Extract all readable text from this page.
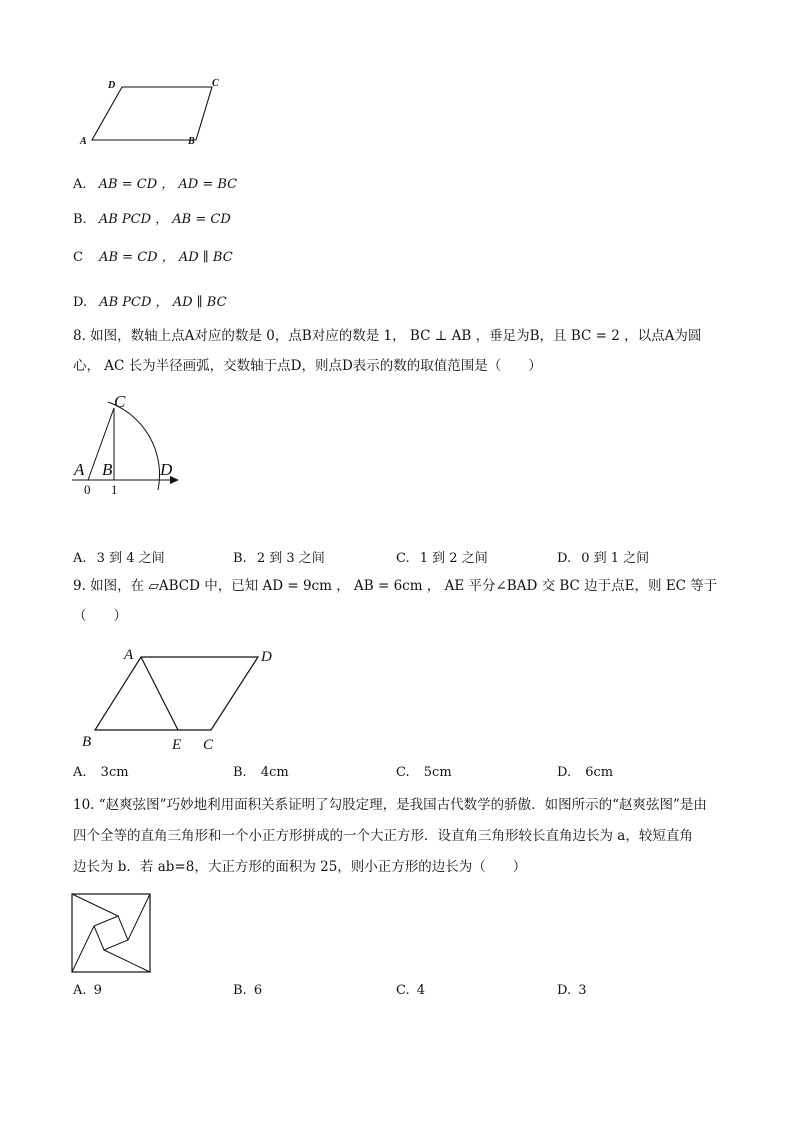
D	C
A	B
A. AB = CD ， AD = BC
B. AB PCD ， AB = CD
C AB = CD ， AD ∥ BC
D. AB PCD ， AD ∥ BC
8. 如图，数轴上点A对应的数是 0，点B对应的数是 1， BC ⊥ AB ，垂足为B，且 BC = 2 ，以点A为圆
心， AC 长为半径画弧，交数轴于点D，则点D表示的数的取值范围是（　　）
C
A B	D
0 1
A. 3 到 4 之间	B. 2 到 3 之间	C. 1 到 2 之间	D. 0 到 1 之间
9. 如图，在 ▱ABCD 中，已知 AD = 9cm ， AB = 6cm ， AE 平分∠BAD 交 BC 边于点E，则 EC 等于
（　　）
A	D
B	E C
A. 3cm	B. 4cm	C. 5cm	D. 6cm
10. “赵爽弦图”巧妙地利用面积关系证明了勾股定理，是我国古代数学的骄傲．如图所示的“赵爽弦图”是由
四个全等的直角三角形和一个小正方形拼成的一个大正方形．设直角三角形较长直角边长为 a，较短直角
边长为 b．若 ab=8，大正方形的面积为 25，则小正方形的边长为（　　）
A. 9	B. 6	C. 4	D. 3
